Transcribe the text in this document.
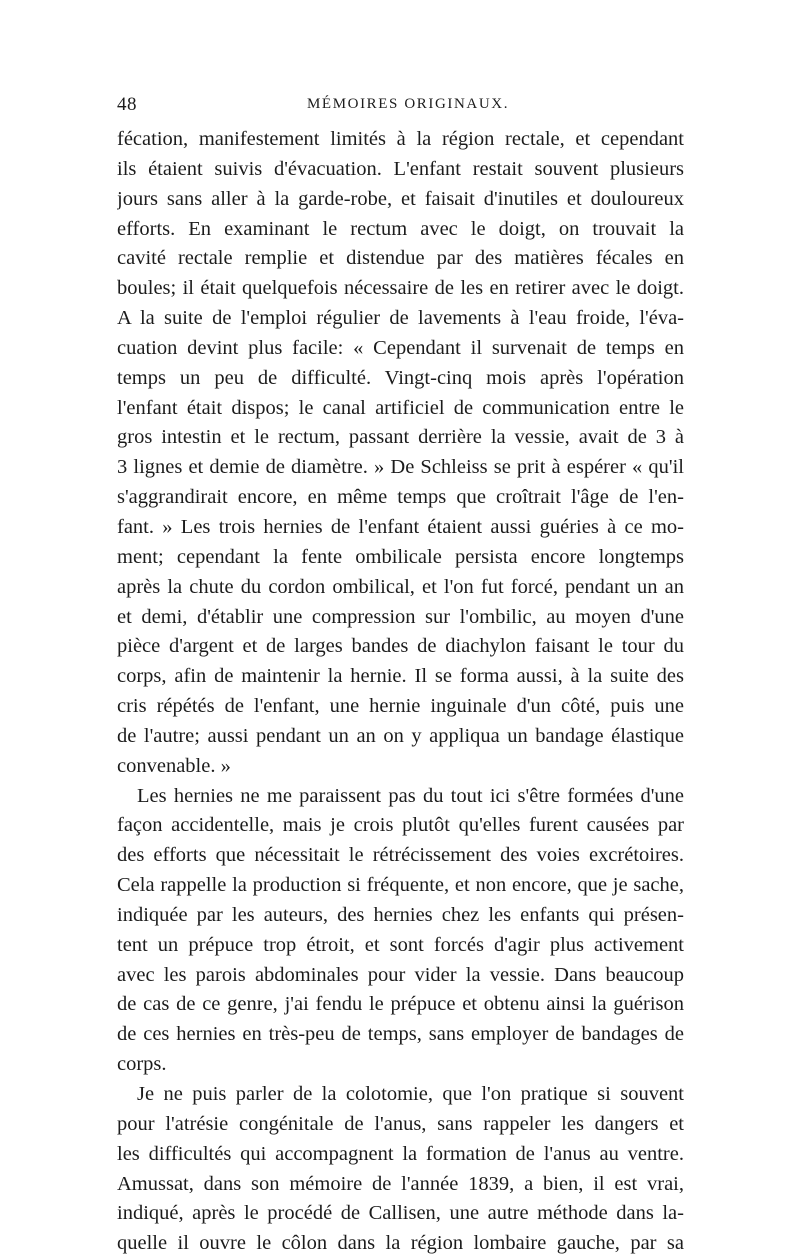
48	MÉMOIRES ORIGINAUX.
fécation, manifestement limités à la région rectale, et cependant
ils étaient suivis d'évacuation. L'enfant restait souvent plusieurs
jours sans aller à la garde-robe, et faisait d'inutiles et douloureux
efforts. En examinant le rectum avec le doigt, on trouvait la
cavité rectale remplie et distendue par des matières fécales en
boules; il était quelquefois nécessaire de les en retirer avec le doigt.
A la suite de l'emploi régulier de lavements à l'eau froide, l'éva-
cuation devint plus facile: « Cependant il survenait de temps en
temps un peu de difficulté. Vingt-cinq mois après l'opération
l'enfant était dispos; le canal artificiel de communication entre le
gros intestin et le rectum, passant derrière la vessie, avait de 3 à
3 lignes et demie de diamètre. » De Schleiss se prit à espérer « qu'il
s'aggrandirait encore, en même temps que croîtrait l'âge de l'en-
fant. » Les trois hernies de l'enfant étaient aussi guéries à ce mo-
ment; cependant la fente ombilicale persista encore longtemps
après la chute du cordon ombilical, et l'on fut forcé, pendant un an
et demi, d'établir une compression sur l'ombilic, au moyen d'une
pièce d'argent et de larges bandes de diachylon faisant le tour du
corps, afin de maintenir la hernie. Il se forma aussi, à la suite des
cris répétés de l'enfant, une hernie inguinale d'un côté, puis une
de l'autre; aussi pendant un an on y appliqua un bandage élastique
convenable. »
Les hernies ne me paraissent pas du tout ici s'être formées d'une
façon accidentelle, mais je crois plutôt qu'elles furent causées par
des efforts que nécessitait le rétrécissement des voies excrétoires.
Cela rappelle la production si fréquente, et non encore, que je sache,
indiquée par les auteurs, des hernies chez les enfants qui présen-
tent un prépuce trop étroit, et sont forcés d'agir plus activement
avec les parois abdominales pour vider la vessie. Dans beaucoup
de cas de ce genre, j'ai fendu le prépuce et obtenu ainsi la guérison
de ces hernies en très-peu de temps, sans employer de bandages de
corps.
Je ne puis parler de la colotomie, que l'on pratique si souvent
pour l'atrésie congénitale de l'anus, sans rappeler les dangers et
les difficultés qui accompagnent la formation de l'anus au ventre.
Amussat, dans son mémoire de l'année 1839, a bien, il est vrai,
indiqué, après le procédé de Callisen, une autre méthode dans la-
quelle il ouvre le côlon dans la région lombaire gauche, par sa
